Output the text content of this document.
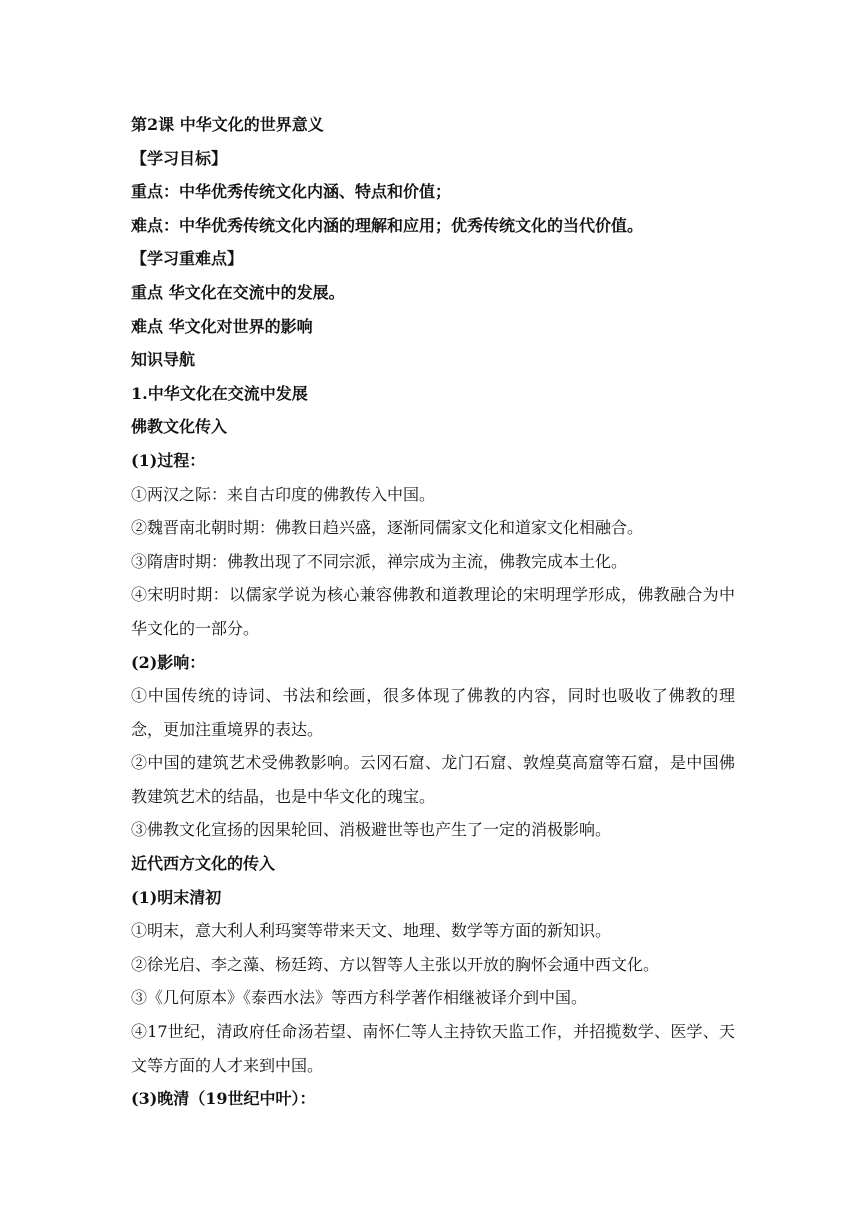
第2课 中华文化的世界意义
【学习目标】
重点：中华优秀传统文化内涵、特点和价值；
难点：中华优秀传统文化内涵的理解和应用；优秀传统文化的当代价值。
【学习重难点】
重点 华文化在交流中的发展。
难点 华文化对世界的影响
知识导航
1.中华文化在交流中发展
佛教文化传入
(1)过程：
①两汉之际：来自古印度的佛教传入中国。
②魏晋南北朝时期：佛教日趋兴盛，逐渐同儒家文化和道家文化相融合。
③隋唐时期：佛教出现了不同宗派，禅宗成为主流，佛教完成本土化。
④宋明时期：以儒家学说为核心兼容佛教和道教理论的宋明理学形成，佛教融合为中华文化的一部分。
(2)影响：
①中国传统的诗词、书法和绘画，很多体现了佛教的内容，同时也吸收了佛教的理念，更加注重境界的表达。
②中国的建筑艺术受佛教影响。云冈石窟、龙门石窟、敦煌莫高窟等石窟，是中国佛教建筑艺术的结晶，也是中华文化的瑰宝。
③佛教文化宣扬的因果轮回、消极避世等也产生了一定的消极影响。
近代西方文化的传入
(1)明末清初
①明末，意大利人利玛窦等带来天文、地理、数学等方面的新知识。
②徐光启、李之藻、杨廷筠、方以智等人主张以开放的胸怀会通中西文化。
③《几何原本》《泰西水法》等西方科学著作相继被译介到中国。
④17世纪，清政府任命汤若望、南怀仁等人主持钦天监工作，并招揽数学、医学、天文等方面的人才来到中国。
(3)晚清（19世纪中叶）：
